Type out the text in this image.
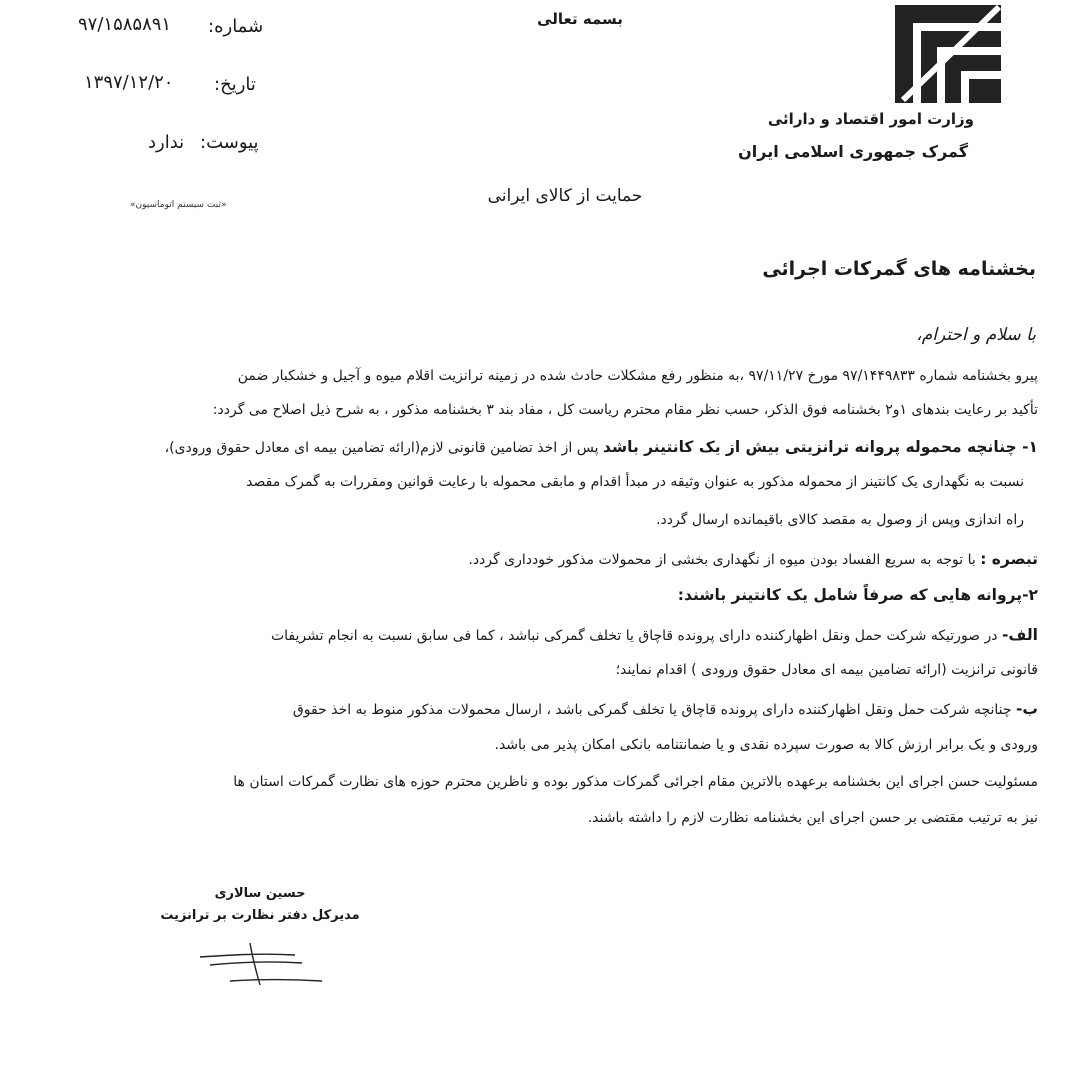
وزارت امور اقتصاد و دارائی
گمرک جمهوری اسلامی ایران
بسمه تعالی
شماره:
۹۷/۱۵۸۵۸۹۱
تاریخ:
۱۳۹۷/۱۲/۲۰
پیوست:
ندارد
«ثبت سیستم اتوماسیون»	حمایت از کالای ایرانی
بخشنامه های گمرکات اجرائی
با سلام و احترام،
پیرو بخشنامه شماره ۹۷/۱۴۴۹۸۳۳ مورخ ۹۷/۱۱/۲۷ ،به منظور رفع مشکلات حادث شده در زمینه ترانزیت اقلام میوه و آجیل و خشکبار ضمن
تأکید بر رعایت بندهای ۱و۲ بخشنامه فوق الذکر، حسب نظر مقام محترم ریاست کل ، مفاد بند ۳ بخشنامه مذکور ، به شرح ذیل اصلاح می گردد:
۱- چنانچه محموله پروانه ترانزیتی بیش از یک کانتینر باشد پس از اخذ تضامین قانونی لازم(ارائه تضامین بیمه ای معادل حقوق ورودی)،
نسبت به نگهداری یک کانتینر از محموله مذکور به عنوان وثیقه در مبدأ اقدام و مابقی محموله با رعایت قوانین ومقررات به گمرک مقصد
راه اندازی وپس از وصول به مقصد کالای باقیمانده ارسال گردد.
تبصره : با توجه به سریع الفساد بودن میوه از نگهداری بخشی از محمولات مذکور خودداری گردد.
۲-پروانه هایی که صرفاً شامل یک کانتینر باشند:
الف- در صورتیکه شرکت حمل ونقل اظهارکننده دارای پرونده قاچاق یا تخلف گمرکی نباشد ، کما فی سابق نسبت به انجام تشریفات
قانونی ترانزیت (ارائه تضامین بیمه ای معادل حقوق ورودی ) اقدام نمایند؛
ب- چنانچه شرکت حمل ونقل اظهارکننده دارای پرونده قاچاق یا تخلف گمرکی باشد ، ارسال محمولات مذکور منوط به اخذ حقوق
ورودی و یک برابر ارزش کالا به صورت سپرده نقدی و یا ضمانتنامه بانکی امکان پذیر می باشد.
مسئولیت حسن اجرای این بخشنامه برعهده بالاترین مقام اجرائی گمرکات مذکور بوده و ناظرین محترم حوزه های نظارت گمرکات استان ها
نیز به ترتیب مقتضی بر حسن اجرای این بخشنامه نظارت لازم را داشته باشند.
حسین سالاری
مدیرکل دفتر نظارت بر ترانزیت
